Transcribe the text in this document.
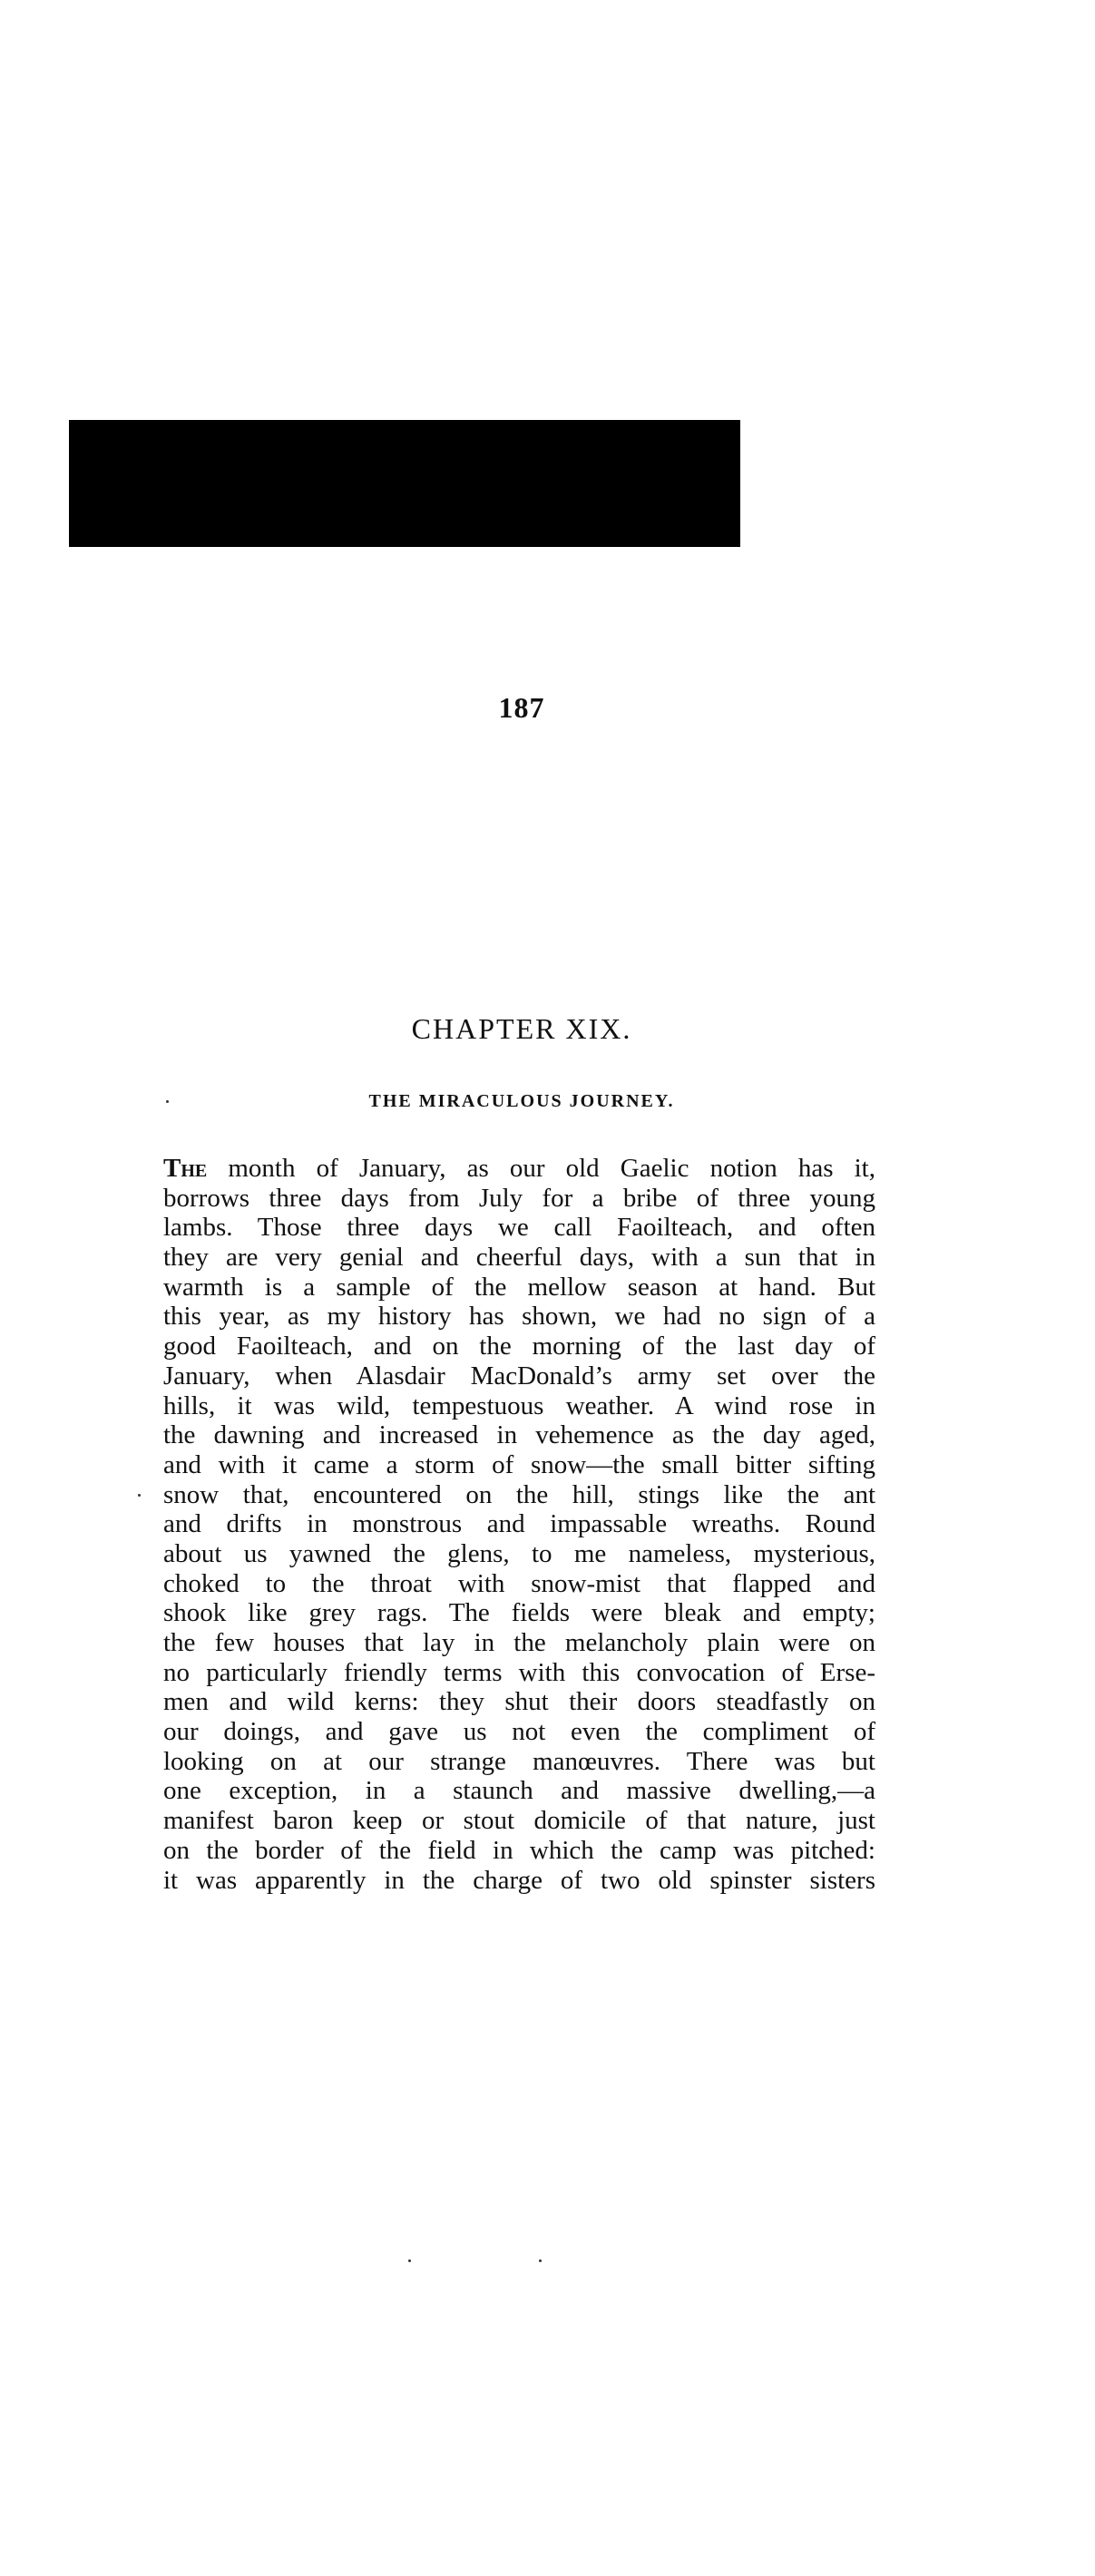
187
CHAPTER XIX.
THE MIRACULOUS JOURNEY.
The month of January, as our old Gaelic notion has it,
borrows three days from July for a bribe of three young
lambs. Those three days we call Faoilteach, and often
they are very genial and cheerful days, with a sun that in
warmth is a sample of the mellow season at hand. But
this year, as my history has shown, we had no sign of a
good Faoilteach, and on the morning of the last day of
January, when Alasdair MacDonald’s army set over the
hills, it was wild, tempestuous weather. A wind rose in
the dawning and increased in vehemence as the day aged,
and with it came a storm of snow—the small bitter sifting
snow that, encountered on the hill, stings like the ant
and drifts in monstrous and impassable wreaths. Round
about us yawned the glens, to me nameless, mysterious,
choked to the throat with snow-mist that flapped and
shook like grey rags. The fields were bleak and empty;
the few houses that lay in the melancholy plain were on
no particularly friendly terms with this convocation of Erse-
men and wild kerns: they shut their doors steadfastly on
our doings, and gave us not even the compliment of
looking on at our strange manœuvres. There was but
one exception, in a staunch and massive dwelling,—a
manifest baron keep or stout domicile of that nature, just
on the border of the field in which the camp was pitched:
it was apparently in the charge of two old spinster sisters
